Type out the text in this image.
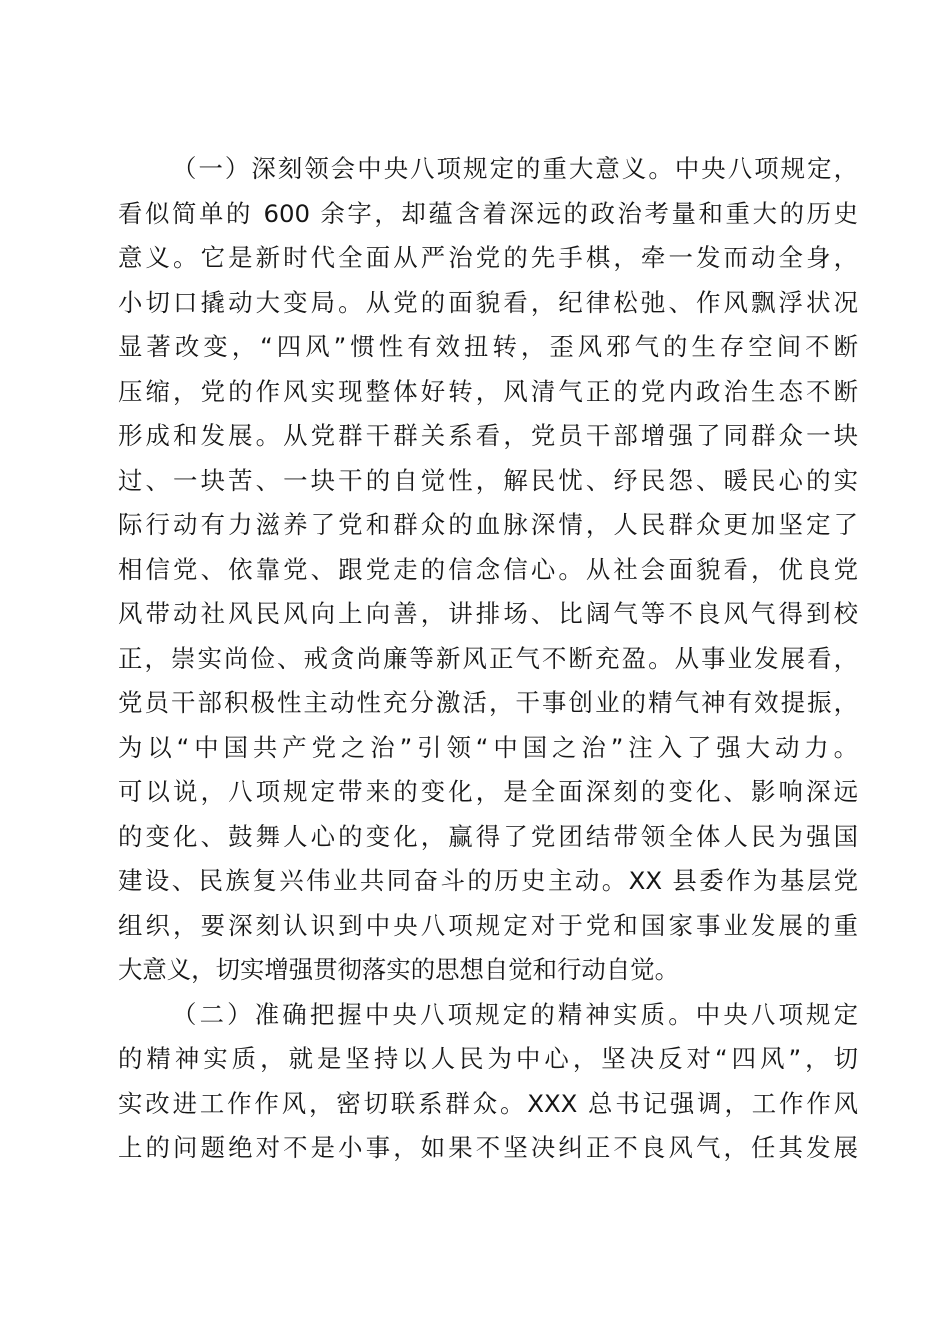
（一）深刻领会中央八项规定的重大意义。中央八项规定，
看似简单的 600 余字，却蕴含着深远的政治考量和重大的历史
意义。它是新时代全面从严治党的先手棋，牵一发而动全身，
小切口撬动大变局。从党的面貌看，纪律松弛、作风飘浮状况
显著改变，“四风”惯性有效扭转，歪风邪气的生存空间不断
压缩，党的作风实现整体好转，风清气正的党内政治生态不断
形成和发展。从党群干群关系看，党员干部增强了同群众一块
过、一块苦、一块干的自觉性，解民忧、纾民怨、暖民心的实
际行动有力滋养了党和群众的血脉深情，人民群众更加坚定了
相信党、依靠党、跟党走的信念信心。从社会面貌看，优良党
风带动社风民风向上向善，讲排场、比阔气等不良风气得到校
正，崇实尚俭、戒贪尚廉等新风正气不断充盈。从事业发展看，
党员干部积极性主动性充分激活，干事创业的精气神有效提振，
为以“中国共产党之治”引领“中国之治”注入了强大动力。
可以说，八项规定带来的变化，是全面深刻的变化、影响深远
的变化、鼓舞人心的变化，赢得了党团结带领全体人民为强国
建设、民族复兴伟业共同奋斗的历史主动。XX 县委作为基层党
组织，要深刻认识到中央八项规定对于党和国家事业发展的重
大意义，切实增强贯彻落实的思想自觉和行动自觉。
（二）准确把握中央八项规定的精神实质。中央八项规定
的精神实质，就是坚持以人民为中心，坚决反对“四风”，切
实改进工作作风，密切联系群众。XXX 总书记强调，工作作风
上的问题绝对不是小事，如果不坚决纠正不良风气，任其发展
